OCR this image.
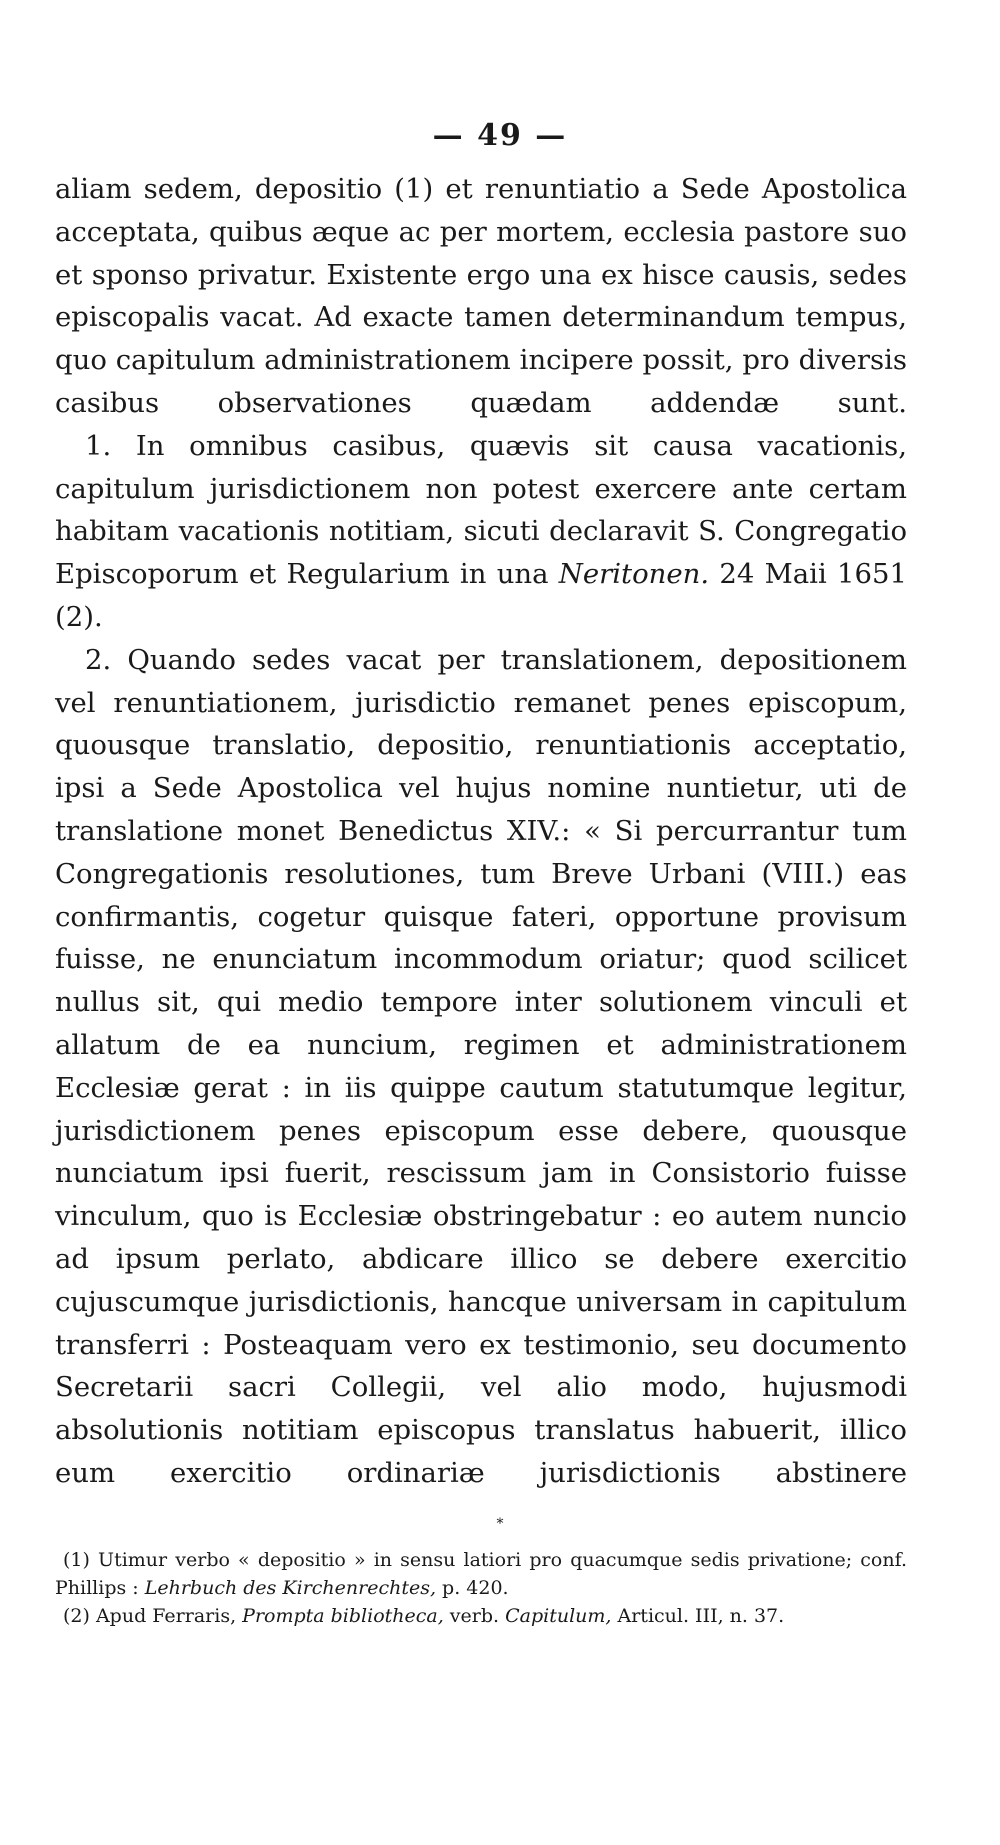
— 49 —

aliam sedem, depositio (1) et renuntiatio a Sede Apostolica acceptata, quibus æque ac per mortem, ecclesia pastore suo et sponso privatur. Existente ergo una ex hisce causis, sedes episcopalis vacat. Ad exacte tamen determinandum tempus, quo capitulum administrationem incipere possit, pro diversis casibus observationes quædam addendæ sunt.

1. In omnibus casibus, quævis sit causa vacationis, capitulum jurisdictionem non potest exercere ante certam habitam vacationis notitiam, sicuti declaravit S. Congregatio Episcoporum et Regularium in una Neritonen. 24 Maii 1651 (2).

2. Quando sedes vacat per translationem, depositionem vel renuntiationem, jurisdictio remanet penes episcopum, quousque translatio, depositio, renuntiationis acceptatio, ipsi a Sede Apostolica vel hujus nomine nuntietur, uti de translatione monet Benedictus XIV.: « Si percurrantur tum Congregationis resolutiones, tum Breve Urbani (VIII.) eas confirmantis, cogetur quisque fateri, opportune provisum fuisse, ne enunciatum incommodum oriatur; quod scilicet nullus sit, qui medio tempore inter solutionem vinculi et allatum de ea nuncium, regimen et administrationem Ecclesiæ gerat : in iis quippe cautum statutumque legitur, jurisdictionem penes episcopum esse debere, quousque nunciatum ipsi fuerit, rescissum jam in Consistorio fuisse vinculum, quo is Ecclesiæ obstringebatur : eo autem nuncio ad ipsum perlato, abdicare illico se debere exercitio cujuscumque jurisdictionis, hancque universam in capitulum transferri : Posteaquam vero ex testimonio, seu documento Secretarii sacri Collegii, vel alio modo, hujusmodi absolutionis notitiam episcopus translatus habuerit, illico eum exercitio ordinariæ jurisdictionis abstinere

*

(1) Utimur verbo « depositio » in sensu latiori pro quacumque sedis privatione; conf. Phillips : Lehrbuch des Kirchenrechtes, p. 420.

(2) Apud Ferraris, Prompta bibliotheca, verb. Capitulum, Articul. III, n. 37.
